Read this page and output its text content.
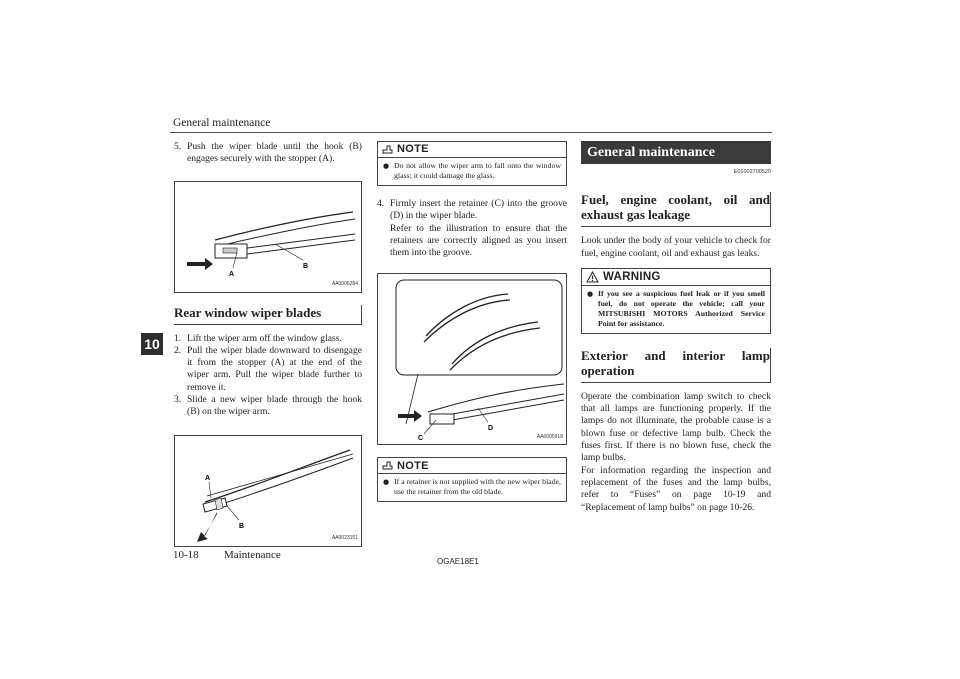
General maintenance
10
5. Push the wiper blade until the hook (B) engages securely with the stopper (A).
A
B
AA0006284
Rear window wiper blades
1. Lift the wiper arm off the window glass.
2. Pull the wiper blade downward to disengage it from the stopper (A) at the end of the wiper arm. Pull the wiper blade further to remove it.
3. Slide a new wiper blade through the hook (B) on the wiper arm.
A
B
AA0023151
NOTE
● Do not allow the wiper arm to fall onto the window glass; it could damage the glass.
4. Firmly insert the retainer (C) into the groove (D) in the wiper blade.
Refer to the illustration to ensure that the retainers are correctly aligned as you insert them into the groove.
C
D
AA0005918
NOTE
● If a retainer is not supplied with the new wiper blade, use the retainer from the old blade.
General maintenance
E01002700520
Fuel, engine coolant, oil and exhaust gas leakage
Look under the body of your vehicle to check for fuel, engine coolant, oil and exhaust gas leaks.
WARNING
● If you see a suspicious fuel leak or if you smell fuel, do not operate the vehicle; call your MITSUBISHI MOTORS Authorized Service Point for assistance.
Exterior and interior lamp operation
Operate the combination lamp switch to check that all lamps are functioning properly. If the lamps do not illuminate, the probable cause is a blown fuse or defective lamp bulb. Check the fuses first. If there is no blown fuse, check the lamp bulbs.
For information regarding the inspection and replacement of the fuses and the lamp bulbs, refer to “Fuses” on page 10-19 and “Replacement of lamp bulbs” on page 10-26.
10-18 Maintenance
OGAE18E1
